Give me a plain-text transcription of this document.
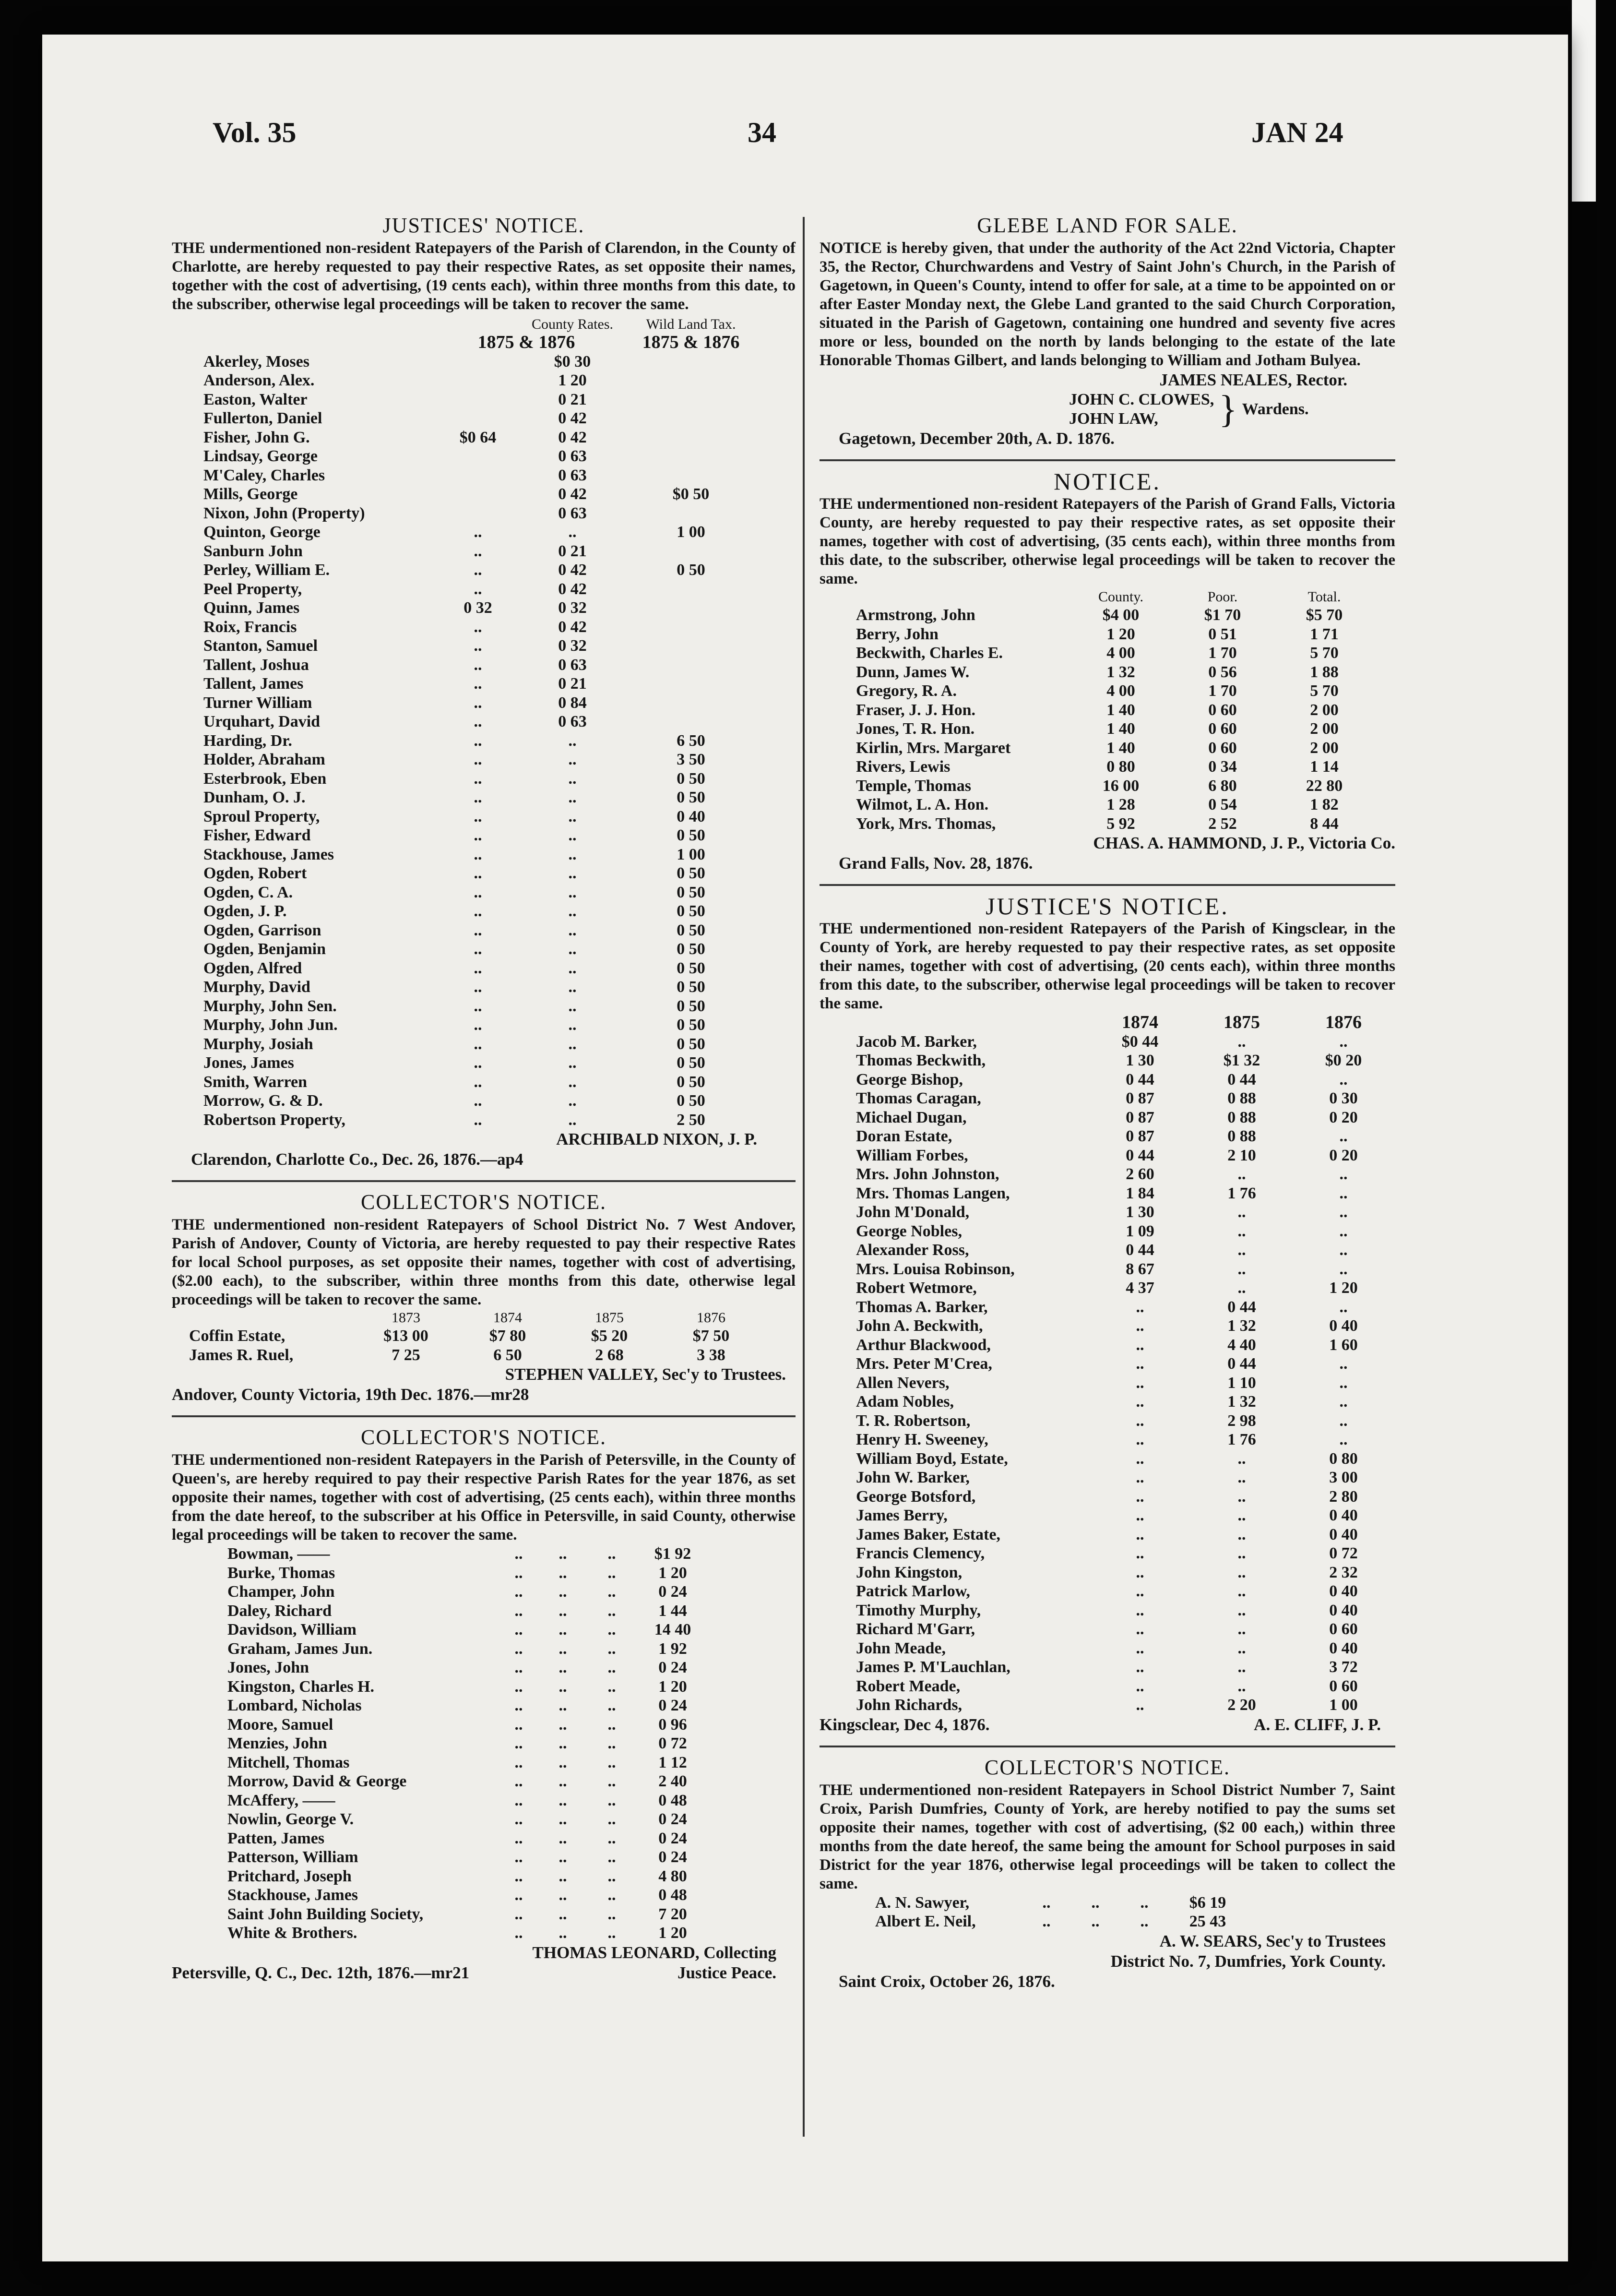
Vol. 35	34	JAN 24
JUSTICES' NOTICE.

THE undermentioned non-resident Ratepayers of the Parish of Clarendon, in the County of Charlotte, are hereby requested to pay their respective Rates, as set opposite their names, together with the cost of advertising, (19 cents each), within three months from this date, to the subscriber, otherwise legal proceedings will be taken to recover the same.

		County Rates.	Wild Land Tax.
	1875 & 1876		1875 & 1876
Akerley, Moses		$0 30	
Anderson, Alex.		1 20	
Easton, Walter		0 21	
Fullerton, Daniel		0 42	
Fisher, John G.	$0 64	0 42	
Lindsay, George		0 63	
M'Caley, Charles		0 63	
Mills, George		0 42	$0 50
Nixon, John (Property)		0 63	
Quinton, George	..	..	1 00
Sanburn John	..	0 21	
Perley, William E.	..	0 42	0 50
Peel Property,	..	0 42	
Quinn, James	0 32	0 32	
Roix, Francis	..	0 42	
Stanton, Samuel	..	0 32	
Tallent, Joshua	..	0 63	
Tallent, James	..	0 21	
Turner William	..	0 84	
Urquhart, David	..	0 63	
Harding, Dr.	..	..	6 50
Holder, Abraham	..	..	3 50
Esterbrook, Eben	..	..	0 50
Dunham, O. J.	..	..	0 50
Sproul Property,	..	..	0 40
Fisher, Edward	..	..	0 50
Stackhouse, James	..	..	1 00
Ogden, Robert	..	..	0 50
Ogden, C. A.	..	..	0 50
Ogden, J. P.	..	..	0 50
Ogden, Garrison	..	..	0 50
Ogden, Benjamin	..	..	0 50
Ogden, Alfred	..	..	0 50
Murphy, David	..	..	0 50
Murphy, John Sen.	..	..	0 50
Murphy, John Jun.	..	..	0 50
Murphy, Josiah	..	..	0 50
Jones, James	..	..	0 50
Smith, Warren	..	..	0 50
Morrow, G. & D.	..	..	0 50
Robertson Property,	..	..	2 50
ARCHIBALD NIXON, J. P.
Clarendon, Charlotte Co., Dec. 26, 1876.—ap4
COLLECTOR'S NOTICE.

THE undermentioned non-resident Ratepayers of School District No. 7 West Andover, Parish of Andover, County of Victoria, are hereby requested to pay their respective Rates for local School purposes, as set opposite their names, together with cost of advertising, ($2.00 each), to the subscriber, within three months from this date, otherwise legal proceedings will be taken to recover the same.

	1873	1874	1875	1876
Coffin Estate,	$13 00	$7 80	$5 20	$7 50
James R. Ruel,	7 25	6 50	2 68	3 38
STEPHEN VALLEY, Sec'y to Trustees.
Andover, County Victoria, 19th Dec. 1876.—mr28
COLLECTOR'S NOTICE.

THE undermentioned non-resident Ratepayers in the Parish of Petersville, in the County of Queen's, are hereby required to pay their respective Parish Rates for the year 1876, as set opposite their names, together with cost of advertising, (25 cents each), within three months from the date hereof, to the subscriber at his Office in Petersville, in said County, otherwise legal proceedings will be taken to recover the same.

Bowman, ——	..	..	..	$1 92
Burke, Thomas	..	..	..	1 20
Champer, John	..	..	..	0 24
Daley, Richard	..	..	..	1 44
Davidson, William	..	..	..	14 40
Graham, James Jun.	..	..	..	1 92
Jones, John	..	..	..	0 24
Kingston, Charles H.	..	..	..	1 20
Lombard, Nicholas	..	..	..	0 24
Moore, Samuel	..	..	..	0 96
Menzies, John	..	..	..	0 72
Mitchell, Thomas	..	..	..	1 12
Morrow, David & George	..	..	..	2 40
McAffery, ——	..	..	..	0 48
Nowlin, George V.	..	..	..	0 24
Patten, James	..	..	..	0 24
Patterson, William	..	..	..	0 24
Pritchard, Joseph	..	..	..	4 80
Stackhouse, James	..	..	..	0 48
Saint John Building Society,	..	..	..	7 20
White & Brothers.	..	..	..	1 20
THOMAS LEONARD, Collecting
Petersville, Q. C., Dec. 12th, 1876.—mr21	Justice Peace.
GLEBE LAND FOR SALE.

NOTICE is hereby given, that under the authority of the Act 22nd Victoria, Chapter 35, the Rector, Churchwardens and Vestry of Saint John's Church, in the Parish of Gagetown, in Queen's County, intend to offer for sale, at a time to be appointed on or after Easter Monday next, the Glebe Land granted to the said Church Corporation, situated in the Parish of Gagetown, containing one hundred and seventy five acres more or less, bounded on the north by lands belonging to the estate of the late Honorable Thomas Gilbert, and lands belonging to William and Jotham Bulyea.

JAMES NEALES, Rector.
JOHN C. CLOWES,
JOHN LAW,	} Wardens.
Gagetown, December 20th, A. D. 1876.
NOTICE.

THE undermentioned non-resident Ratepayers of the Parish of Grand Falls, Victoria County, are hereby requested to pay their respective rates, as set opposite their names, together with cost of advertising, (35 cents each), within three months from this date, to the subscriber, otherwise legal proceedings will be taken to recover the same.

	County.	Poor.	Total.
Armstrong, John	$4 00	$1 70	$5 70
Berry, John	1 20	0 51	1 71
Beckwith, Charles E.	4 00	1 70	5 70
Dunn, James W.	1 32	0 56	1 88
Gregory, R. A.	4 00	1 70	5 70
Fraser, J. J. Hon.	1 40	0 60	2 00
Jones, T. R. Hon.	1 40	0 60	2 00
Kirlin, Mrs. Margaret	1 40	0 60	2 00
Rivers, Lewis	0 80	0 34	1 14
Temple, Thomas	16 00	6 80	22 80
Wilmot, L. A. Hon.	1 28	0 54	1 82
York, Mrs. Thomas,	5 92	2 52	8 44
CHAS. A. HAMMOND, J. P., Victoria Co.
Grand Falls, Nov. 28, 1876.
JUSTICE'S NOTICE.

THE undermentioned non-resident Ratepayers of the Parish of Kingsclear, in the County of York, are hereby requested to pay their respective rates, as set opposite their names, together with cost of advertising, (20 cents each), within three months from this date, to the subscriber, otherwise legal proceedings will be taken to recover the same.

	1874	1875	1876
Jacob M. Barker,	$0 44	..	..
Thomas Beckwith,	1 30	$1 32	$0 20
George Bishop,	0 44	0 44	..
Thomas Caragan,	0 87	0 88	0 30
Michael Dugan,	0 87	0 88	0 20
Doran Estate,	0 87	0 88	..
William Forbes,	0 44	2 10	0 20
Mrs. John Johnston,	2 60	..	..
Mrs. Thomas Langen,	1 84	1 76	..
John M'Donald,	1 30	..	..
George Nobles,	1 09	..	..
Alexander Ross,	0 44	..	..
Mrs. Louisa Robinson,	8 67	..	..
Robert Wetmore,	4 37	..	1 20
Thomas A. Barker,	..	0 44	..
John A. Beckwith,	..	1 32	0 40
Arthur Blackwood,	..	4 40	1 60
Mrs. Peter M'Crea,	..	0 44	..
Allen Nevers,	..	1 10	..
Adam Nobles,	..	1 32	..
T. R. Robertson,	..	2 98	..
Henry H. Sweeney,	..	1 76	..
William Boyd, Estate,	..	..	0 80
John W. Barker,	..	..	3 00
George Botsford,	..	..	2 80
James Berry,	..	..	0 40
James Baker, Estate,	..	..	0 40
Francis Clemency,	..	..	0 72
John Kingston,	..	..	2 32
Patrick Marlow,	..	..	0 40
Timothy Murphy,	..	..	0 40
Richard M'Garr,	..	..	0 60
John Meade,	..	..	0 40
James P. M'Lauchlan,	..	..	3 72
Robert Meade,	..	..	0 60
John Richards,	..	2 20	1 00
Kingsclear, Dec 4, 1876.	A. E. CLIFF, J. P.
COLLECTOR'S NOTICE.

THE undermentioned non-resident Ratepayers in School District Number 7, Saint Croix, Parish Dumfries, County of York, are hereby notified to pay the sums set opposite their names, together with cost of advertising, ($2 00 each,) within three months from the date hereof, the same being the amount for School purposes in said District for the year 1876, otherwise legal proceedings will be taken to collect the same.

A. N. Sawyer,	..	..	..	$6 19
Albert E. Neil,	..	..	..	25 43
A. W. SEARS, Sec'y to Trustees
District No. 7, Dumfries, York County.
Saint Croix, October 26, 1876.
